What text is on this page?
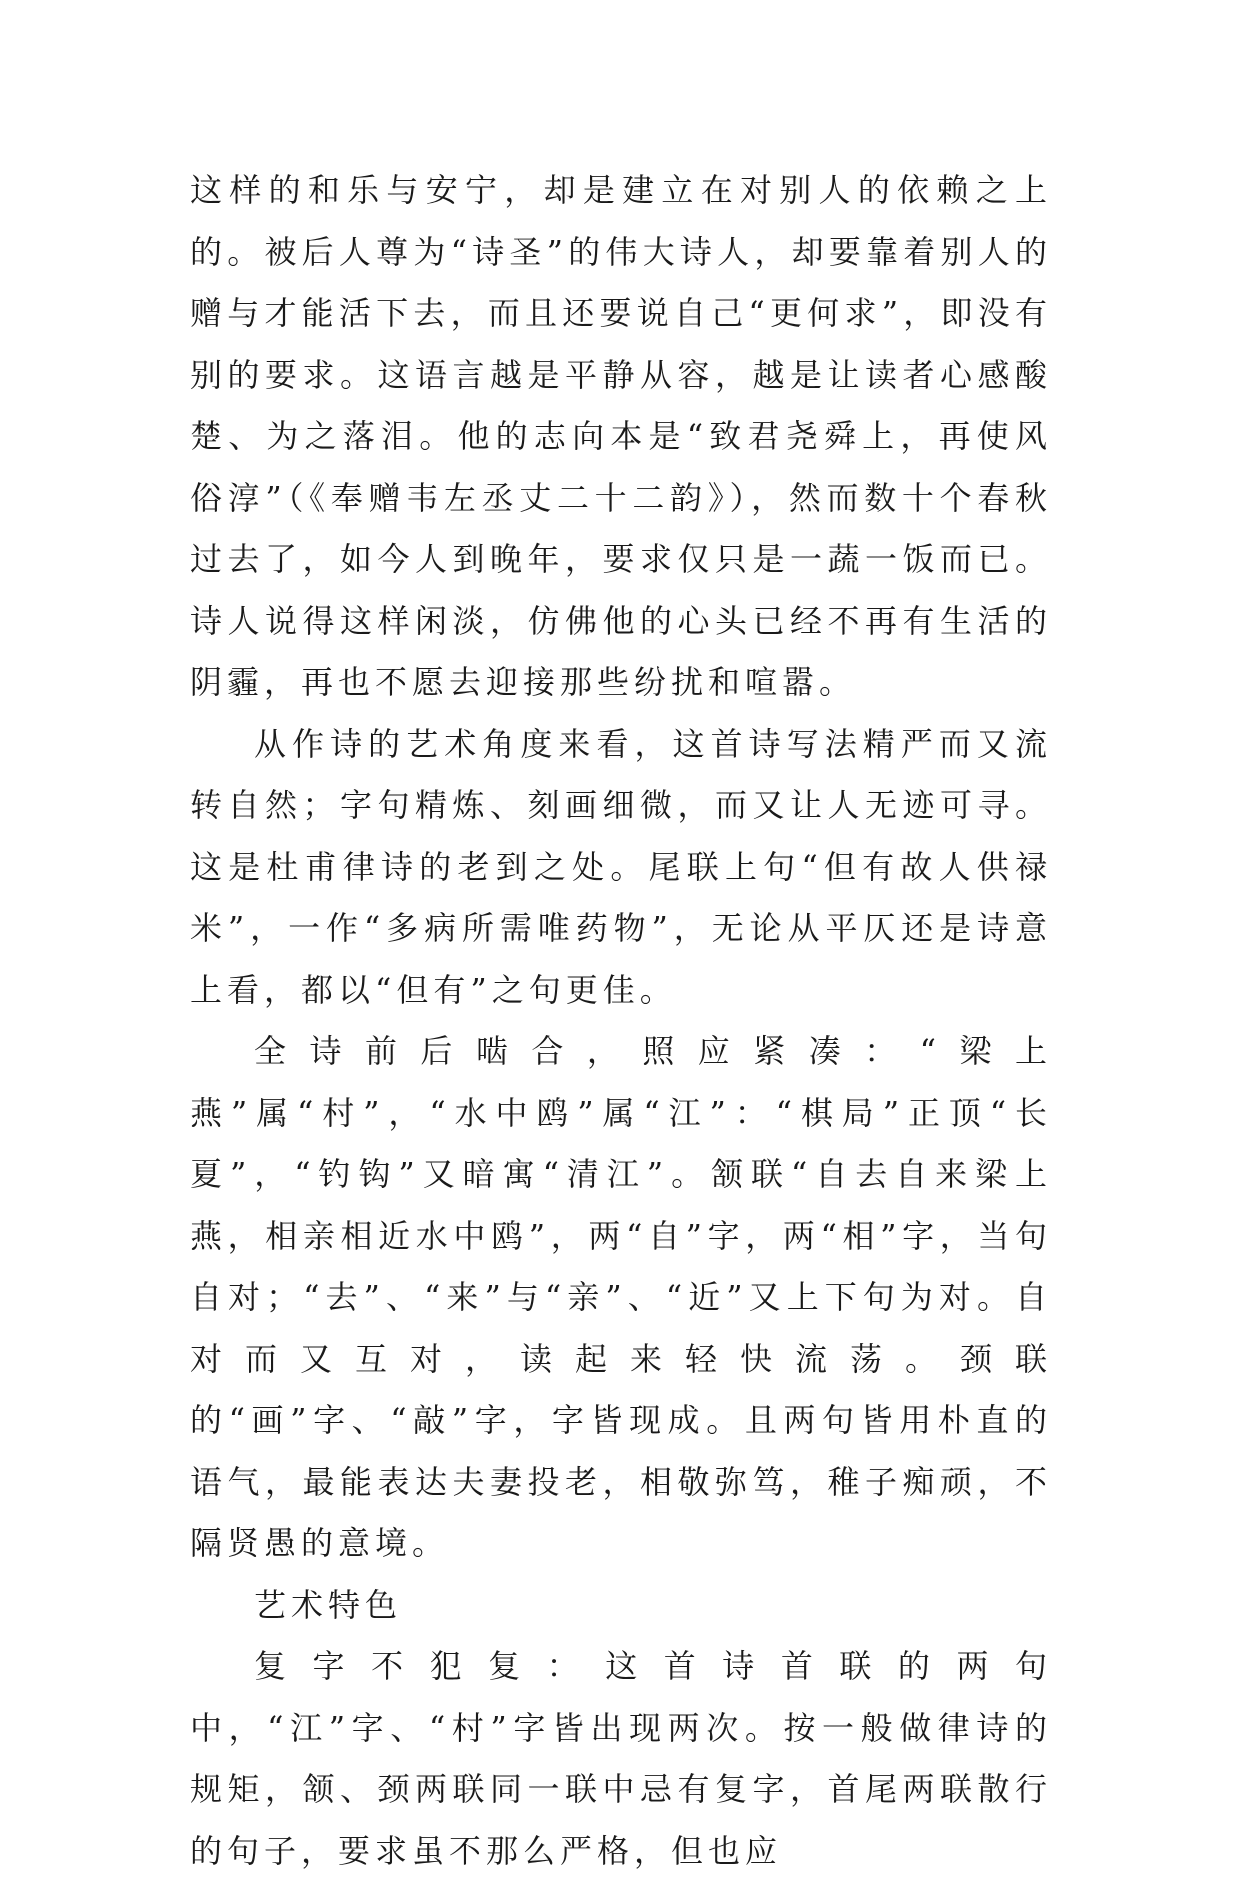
这样的和乐与安宁，却是建立在对别人的依赖之上的。被后人尊为“诗圣”的伟大诗人，却要靠着别人的赠与才能活下去，而且还要说自己“更何求”，即没有别的要求。这语言越是平静从容，越是让读者心感酸楚、为之落泪。他的志向本是“致君尧舜上，再使风俗淳”（《奉赠韦左丞丈二十二韵》），然而数十个春秋过去了，如今人到晚年，要求仅只是一蔬一饭而已。诗人说得这样闲淡，仿佛他的心头已经不再有生活的阴霾，再也不愿去迎接那些纷扰和喧嚣。

从作诗的艺术角度来看，这首诗写法精严而又流转自然；字句精炼、刻画细微，而又让人无迹可寻。这是杜甫律诗的老到之处。尾联上句“但有故人供禄米”，一作“多病所需唯药物”，无论从平仄还是诗意上看，都以“但有”之句更佳。

全诗前后啮合，照应紧凑：“梁上燕”属“村”，“水中鸥”属“江”：“棋局”正顶“长夏”，“钓钩”又暗寓“清江”。颔联“自去自来梁上燕，相亲相近水中鸥”，两“自”字，两“相”字，当句自对；“去”、“来”与“亲”、“近”又上下句为对。自对而又互对，读起来轻快流荡。颈联的“画”字、“敲”字，字皆现成。且两句皆用朴直的语气，最能表达夫妻投老，相敬弥笃，稚子痴顽，不隔贤愚的意境。

艺术特色

复字不犯复：这首诗首联的两句中，“江”字、“村”字皆出现两次。按一般做律诗的规矩，颔、颈两联同一联中忌有复字，首尾两联散行的句子，要求虽不那么严格，但也应
